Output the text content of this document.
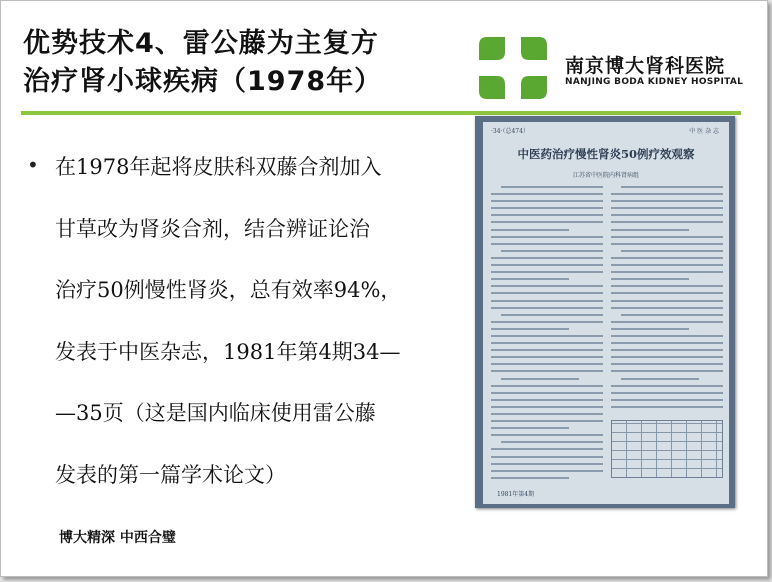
优势技术4、雷公藤为主复方
治疗肾小球疾病（1978年）	南京博大肾科医院
NANJING BODA KIDNEY HOSPITAL
• 在1978年起将皮肤科双藤合剂加入
甘草改为肾炎合剂，结合辨证论治
治疗50例慢性肾炎，总有效率94%，
发表于中医杂志，1981年第4期34—
—35页（这是国内临床使用雷公藤
发表的第一篇学术论文）
·34·（总474）	中 医 杂 志
中医药治疗慢性肾炎50例疗效观察
江苏省中医院内科肾病组
1981年第4期
博大精深 中西合璧
